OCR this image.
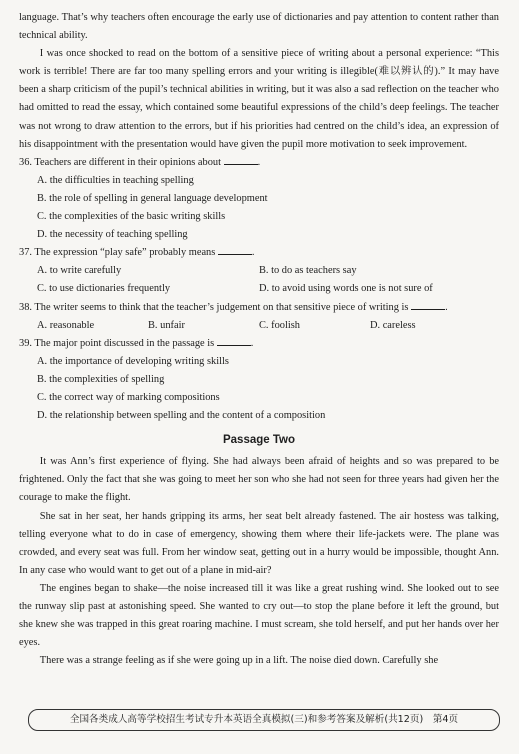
language. That’s why teachers often encourage the early use of dictionaries and pay attention to content rather than technical ability.

I was once shocked to read on the bottom of a sensitive piece of writing about a personal experience: “This work is terrible! There are far too many spelling errors and your writing is illegible(难以辨认的).” It may have been a sharp criticism of the pupil’s technical abilities in writing, but it was also a sad reflection on the teacher who had omitted to read the essay, which contained some beautiful expressions of the child’s deep feelings. The teacher was not wrong to draw attention to the errors, but if his priorities had centred on the child’s idea, an expression of his disappointment with the presentation would have given the pupil more motivation to seek improvement.

36. Teachers are different in their opinions about	.

A. the difficulties in teaching spelling

B. the role of spelling in general language development

C. the complexities of the basic writing skills

D. the necessity of teaching spelling

37. The expression “play safe” probably means	.

A. to write carefully	B. to do as teachers say
C. to use dictionaries frequently	D. to avoid using words one is not sure of

38. The writer seems to think that the teacher’s judgement on that sensitive piece of writing is	.

A. reasonable	B. unfair	C. foolish	D. careless

39. The major point discussed in the passage is	.

A. the importance of developing writing skills

B. the complexities of spelling

C. the correct way of marking compositions

D. the relationship between spelling and the content of a composition

Passage Two

It was Ann’s first experience of flying. She had always been afraid of heights and so was prepared to be frightened. Only the fact that she was going to meet her son who she had not seen for three years had given her the courage to make the flight.

She sat in her seat, her hands gripping its arms, her seat belt already fastened. The air hostess was talking, telling everyone what to do in case of emergency, showing them where their life-jackets were. The plane was crowded, and every seat was full. From her window seat, getting out in a hurry would be impossible, thought Ann. In any case who would want to get out of a plane in mid-air?

The engines began to shake—the noise increased till it was like a great rushing wind. She looked out to see the runway slip past at astonishing speed. She wanted to cry out—to stop the plane before it left the ground, but she knew she was trapped in this great roaring machine. I must scream, she told herself, and put her hands over her eyes.

There was a strange feeling as if she were going up in a lift. The noise died down. Carefully she

全国各类成人高等学校招生考试专升本英语全真模拟(三)和参考答案及解析(共12页)　第4页
